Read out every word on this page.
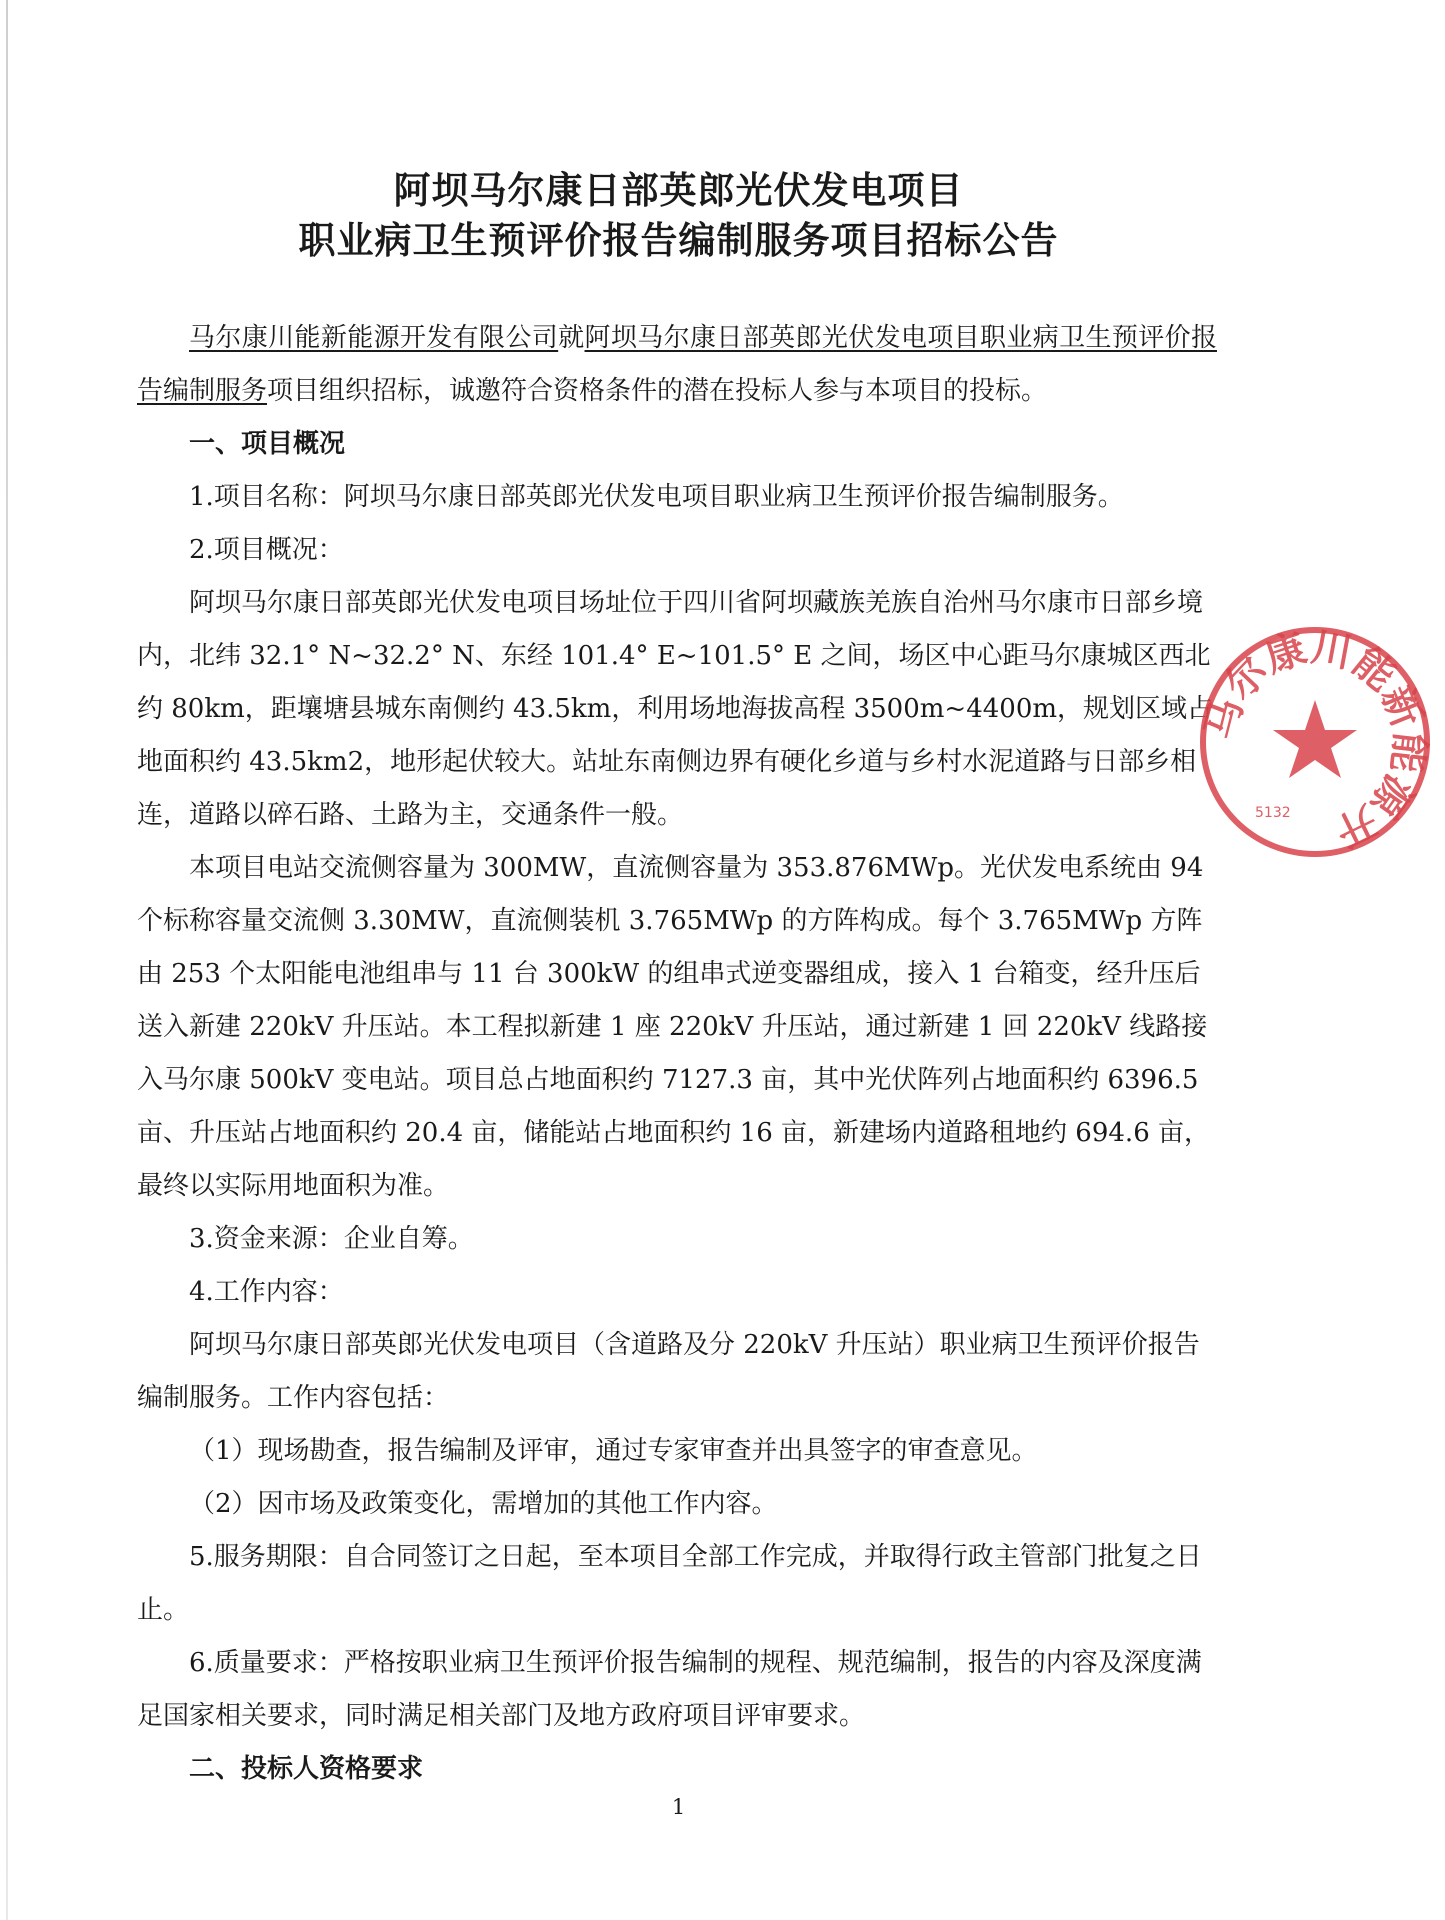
阿坝马尔康日部英郎光伏发电项目
职业病卫生预评价报告编制服务项目招标公告

马尔康川能新能源开发有限公司就阿坝马尔康日部英郎光伏发电项目职业病卫生预评价报告编制服务项目组织招标，诚邀符合资格条件的潜在投标人参与本项目的投标。

一、项目概况

1.项目名称：阿坝马尔康日部英郎光伏发电项目职业病卫生预评价报告编制服务。

2.项目概况：

阿坝马尔康日部英郎光伏发电项目场址位于四川省阿坝藏族羌族自治州马尔康市日部乡境内，北纬 32.1° N~32.2° N、东经 101.4° E~101.5° E 之间，场区中心距马尔康城区西北约 80km，距壤塘县城东南侧约 43.5km，利用场地海拔高程 3500m~4400m，规划区域占地面积约 43.5km2，地形起伏较大。站址东南侧边界有硬化乡道与乡村水泥道路与日部乡相连，道路以碎石路、土路为主，交通条件一般。

本项目电站交流侧容量为 300MW，直流侧容量为 353.876MWp。光伏发电系统由 94 个标称容量交流侧 3.30MW，直流侧装机 3.765MWp 的方阵构成。每个 3.765MWp 方阵由 253 个太阳能电池组串与 11 台 300kW 的组串式逆变器组成，接入 1 台箱变，经升压后送入新建 220kV 升压站。本工程拟新建 1 座 220kV 升压站，通过新建 1 回 220kV 线路接入马尔康 500kV 变电站。项目总占地面积约 7127.3 亩，其中光伏阵列占地面积约 6396.5 亩、升压站占地面积约 20.4 亩，储能站占地面积约 16 亩，新建场内道路租地约 694.6 亩，最终以实际用地面积为准。

3.资金来源：企业自筹。

4.工作内容：

阿坝马尔康日部英郎光伏发电项目（含道路及分 220kV 升压站）职业病卫生预评价报告编制服务。工作内容包括：

（1）现场勘查，报告编制及评审，通过专家审查并出具签字的审查意见。

（2）因市场及政策变化，需增加的其他工作内容。

5.服务期限：自合同签订之日起，至本项目全部工作完成，并取得行政主管部门批复之日止。

6.质量要求：严格按职业病卫生预评价报告编制的规程、规范编制，报告的内容及深度满足国家相关要求，同时满足相关部门及地方政府项目评审要求。

二、投标人资格要求

1
马尔康川能新能源开
5132
